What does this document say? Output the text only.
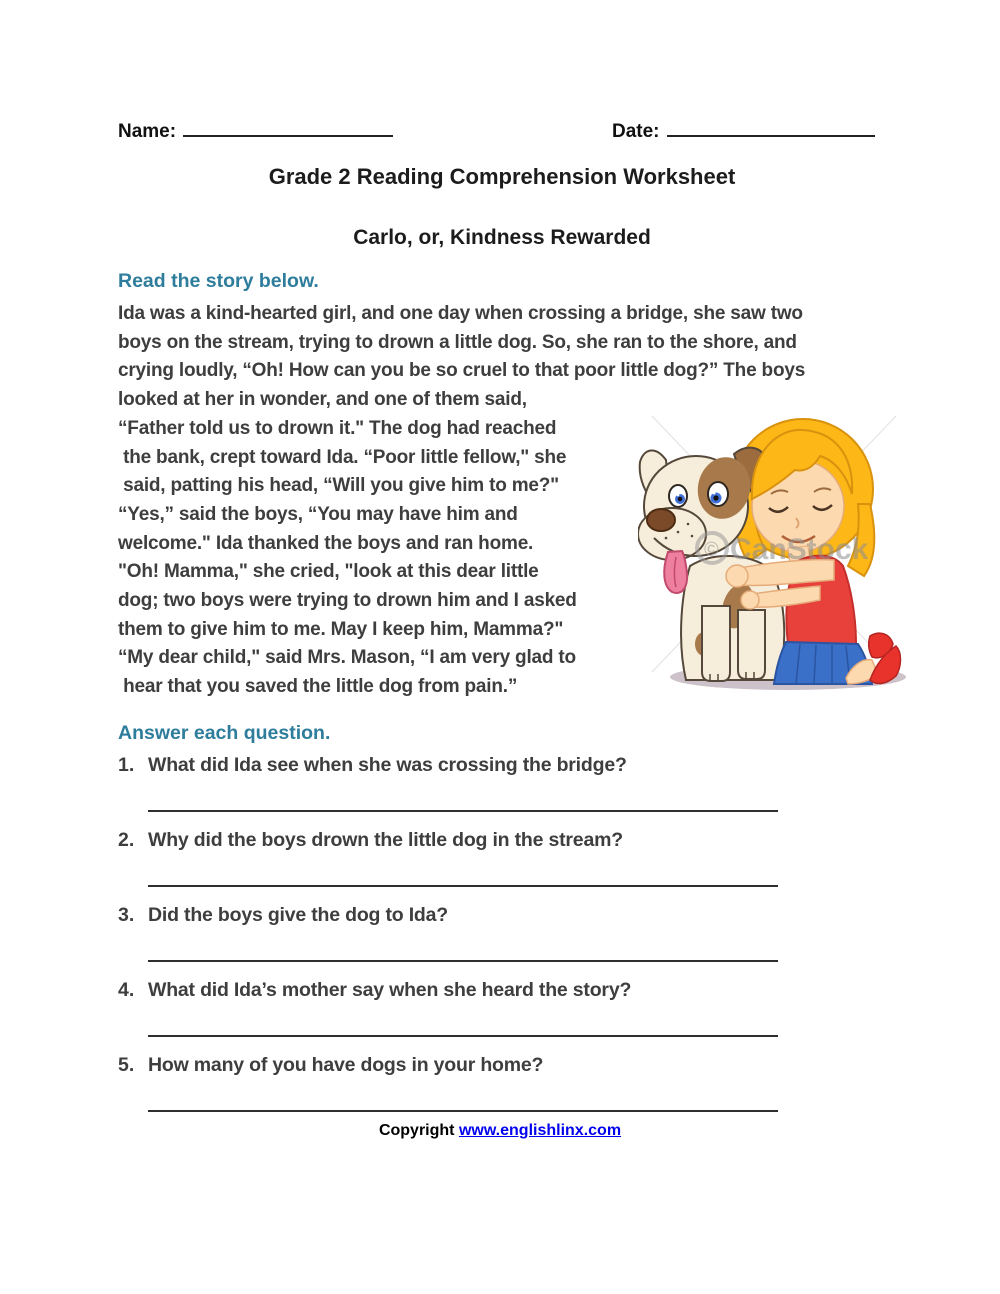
Name:	Date:
Grade 2 Reading Comprehension Worksheet
Carlo, or, Kindness Rewarded
Read the story below.
Ida was a kind-hearted girl, and one day when crossing a bridge, she saw two
boys on the stream, trying to drown a little dog. So, she ran to the shore, and
crying loudly, “Oh! How can you be so cruel to that poor little dog?” The boys
looked at her in wonder, and one of them said,
“Father told us to drown it." The dog had reached
the bank, crept toward Ida. “Poor little fellow," she
said, patting his head, “Will you give him to me?"
“Yes,” said the boys, “You may have him and
welcome." Ida thanked the boys and ran home.
"Oh! Mamma," she cried, "look at this dear little
dog; two boys were trying to drown him and I asked
them to give him to me. May I keep him, Mamma?"
“My dear child," said Mrs. Mason, “I am very glad to
hear that you saved the little dog from pain.”
Answer each question.
1. What did Ida see when she was crossing the bridge?
2. Why did the boys drown the little dog in the stream?
3. Did the boys give the dog to Ida?
4. What did Ida’s mother say when she heard the story?
5. How many of you have dogs in your home?
© CanStock
Copyright www.englishlinx.com
